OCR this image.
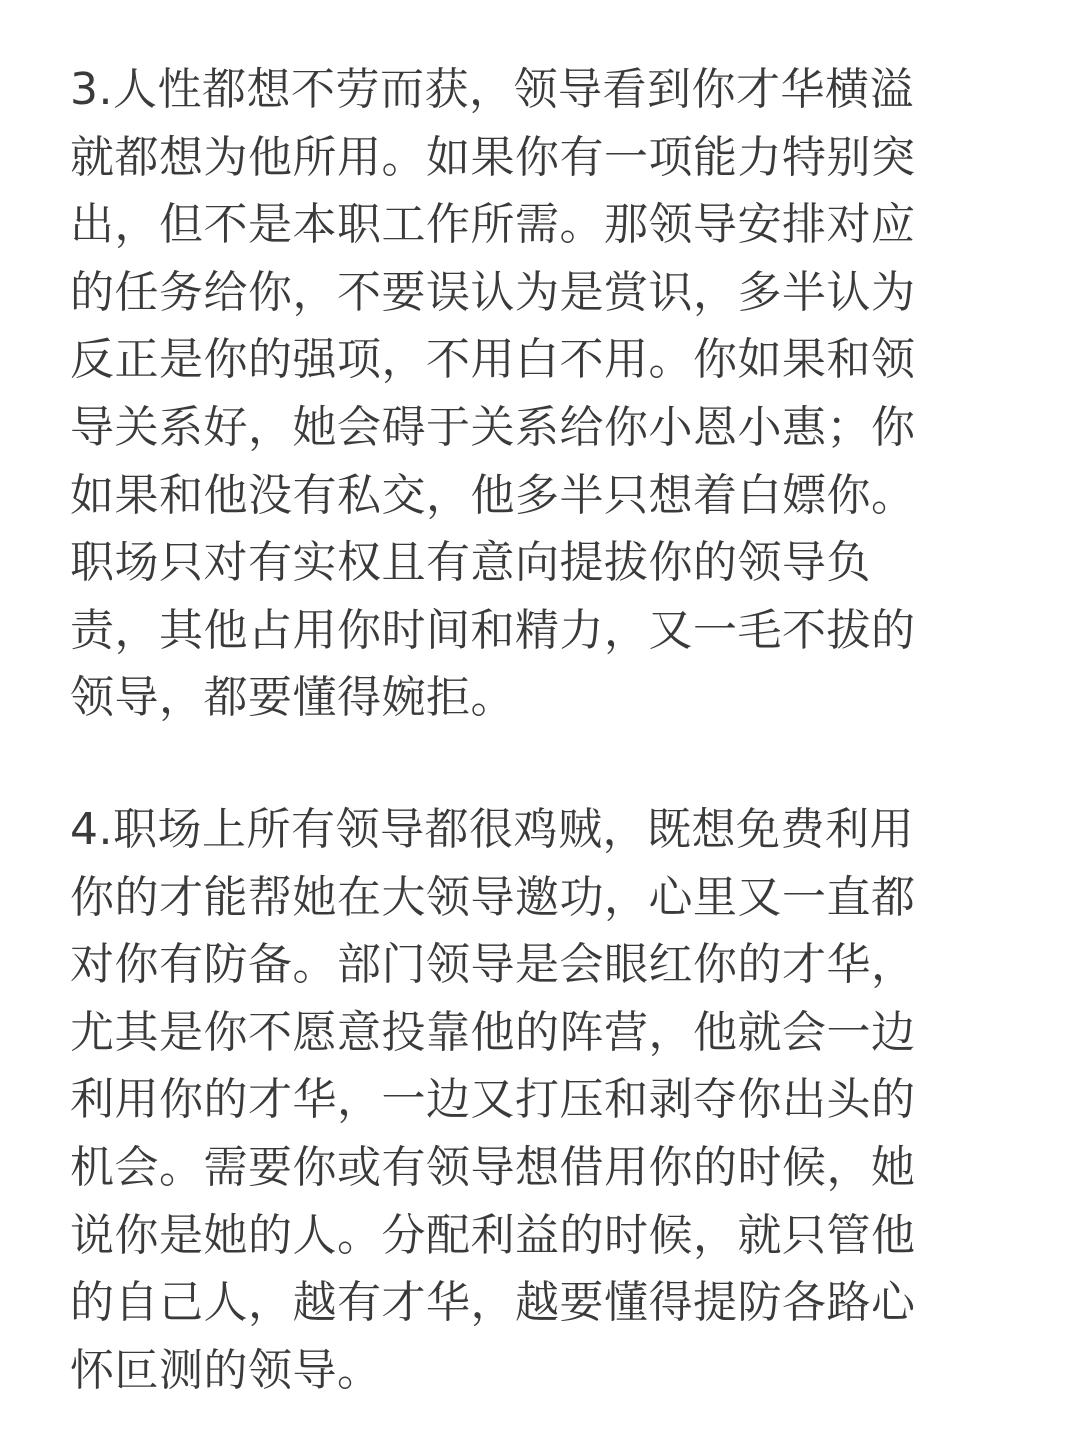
3.人性都想不劳而获，领导看到你才华横溢
就都想为他所用。如果你有一项能力特别突
出，但不是本职工作所需。那领导安排对应
的任务给你，不要误认为是赏识，多半认为
反正是你的强项，不用白不用。你如果和领
导关系好，她会碍于关系给你小恩小惠；你
如果和他没有私交，他多半只想着白嫖你。
职场只对有实权且有意向提拔你的领导负
责，其他占用你时间和精力，又一毛不拔的
领导，都要懂得婉拒。

4.职场上所有领导都很鸡贼，既想免费利用
你的才能帮她在大领导邀功，心里又一直都
对你有防备。部门领导是会眼红你的才华，
尤其是你不愿意投靠他的阵营，他就会一边
利用你的才华，一边又打压和剥夺你出头的
机会。需要你或有领导想借用你的时候，她
说你是她的人。分配利益的时候，就只管他
的自己人，越有才华，越要懂得提防各路心
怀叵测的领导。
